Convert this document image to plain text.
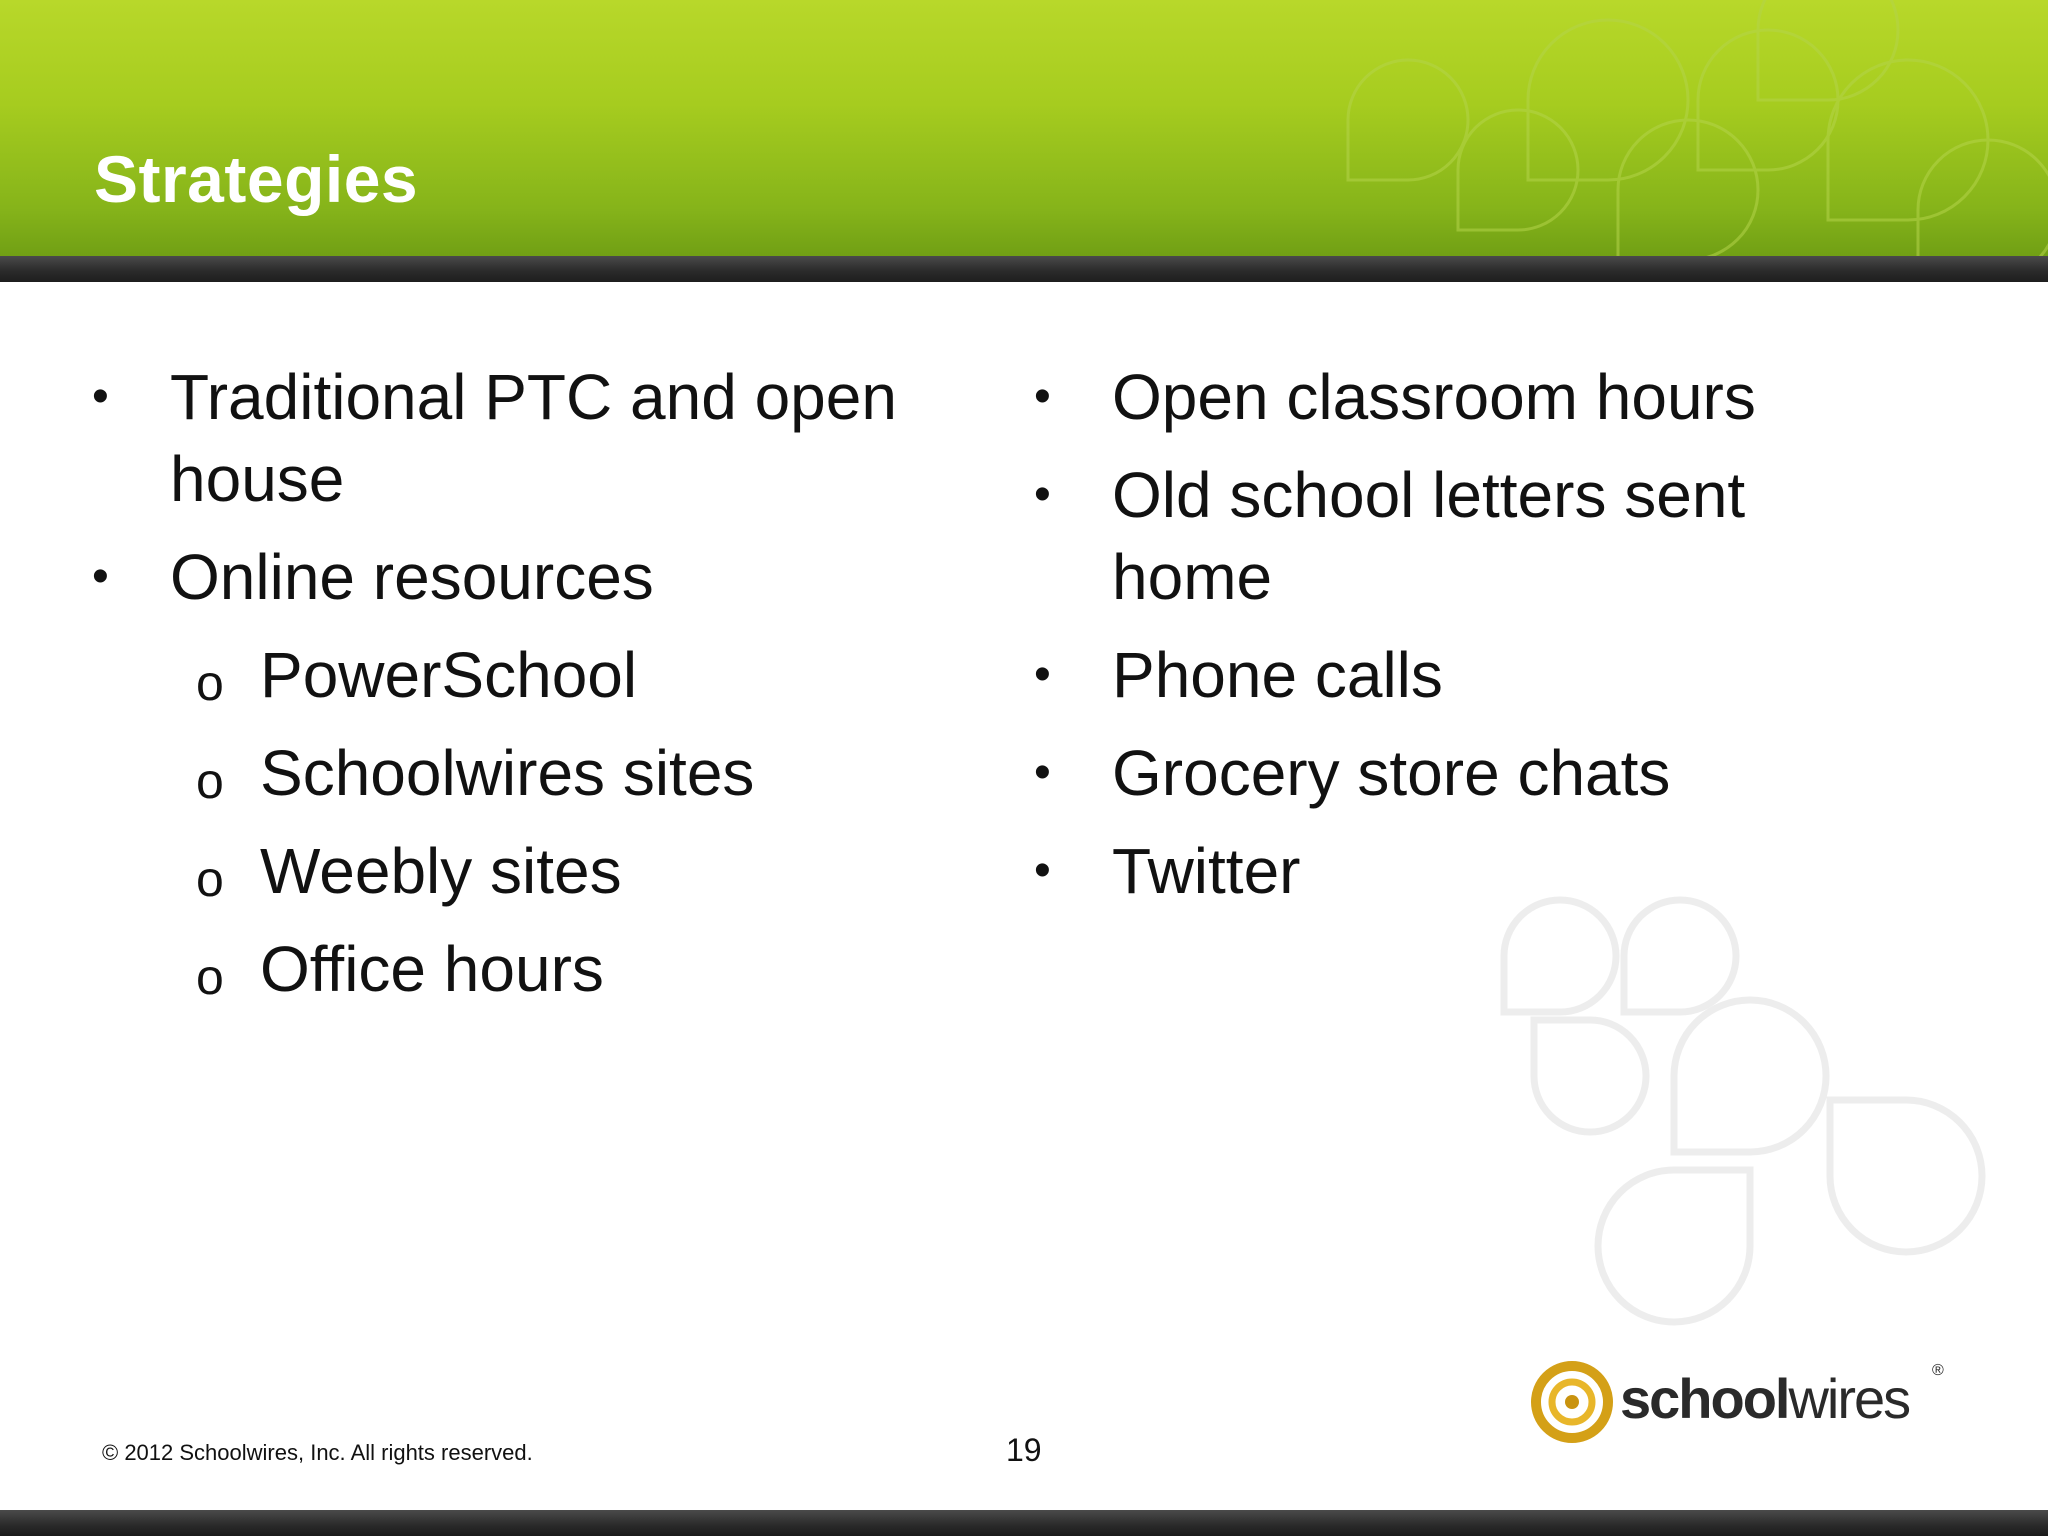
Strategies
• Traditional PTC and open house
• Online resources
o PowerSchool
o Schoolwires sites
o Weebly sites
o Office hours
• Open classroom hours
• Old school letters sent home
• Phone calls
• Grocery store chats
• Twitter
schoolwires ®
© 2012 Schoolwires, Inc. All rights reserved.	19
